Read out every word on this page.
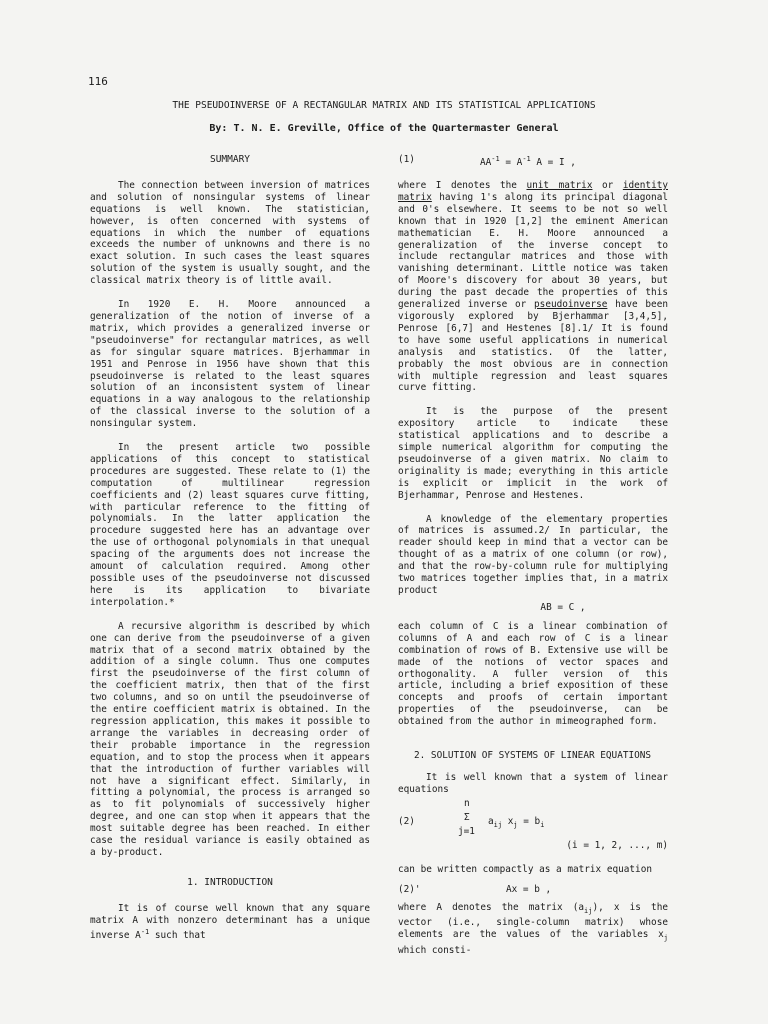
116
THE PSEUDOINVERSE OF A RECTANGULAR MATRIX AND ITS STATISTICAL APPLICATIONS
By: T. N. E. Greville, Office of the Quartermaster General
SUMMARY

The connection between inversion of matrices and solution of nonsingular systems of linear equations is well known. The statistician, however, is often concerned with systems of equations in which the number of equations exceeds the number of unknowns and there is no exact solution. In such cases the least squares solution of the system is usually sought, and the classical matrix theory is of little avail.

In 1920 E. H. Moore announced a generalization of the notion of inverse of a matrix, which provides a generalized inverse or "pseudoinverse" for rectangular matrices, as well as for singular square matrices. Bjerhammar in 1951 and Penrose in 1956 have shown that this pseudoinverse is related to the least squares solution of an inconsistent system of linear equations in a way analogous to the relationship of the classical inverse to the solution of a nonsingular system.

In the present article two possible applications of this concept to statistical procedures are suggested. These relate to (1) the computation of multilinear regression coefficients and (2) least squares curve fitting, with particular reference to the fitting of polynomials. In the latter application the procedure suggested here has an advantage over the use of orthogonal polynomials in that unequal spacing of the arguments does not increase the amount of calculation required. Among other possible uses of the pseudoinverse not discussed here is its application to bivariate interpolation.*

A recursive algorithm is described by which one can derive from the pseudoinverse of a given matrix that of a second matrix obtained by the addition of a single column. Thus one computes first the pseudoinverse of the first column of the coefficient matrix, then that of the first two columns, and so on until the pseudoinverse of the entire coefficient matrix is obtained. In the regression application, this makes it possible to arrange the variables in decreasing order of their probable importance in the regression equation, and to stop the process when it appears that the introduction of further variables will not have a significant effect. Similarly, in fitting a polynomial, the process is arranged so as to fit polynomials of successively higher degree, and one can stop when it appears that the most suitable degree has been reached. In either case the residual variance is easily obtained as a by-product.

1. INTRODUCTION

It is of course well known that any square matrix A with nonzero determinant has a unique inverse $A^{-1}$ such that

(1)	$AA^{-1} = A^{-1}$ A = I ,

where I denotes the unit matrix or identity matrix having 1's along its principal diagonal and 0's elsewhere. It seems to be not so well known that in 1920 [1,2] the eminent American mathematician E. H. Moore announced a generalization of the inverse concept to include rectangular matrices and those with vanishing determinant. Little notice was taken of Moore's discovery for about 30 years, but during the past decade the properties of this generalized inverse or pseudoinverse have been vigorously explored by Bjerhammar [3,4,5], Penrose [6,7] and Hestenes [8].1/ It is found to have some useful applications in numerical analysis and statistics. Of the latter, probably the most obvious are in connection with multiple regression and least squares curve fitting.

It is the purpose of the present expository article to indicate these statistical applications and to describe a simple numerical algorithm for computing the pseudoinverse of a given matrix. No claim to originality is made; everything in this article is explicit or implicit in the work of Bjerhammar, Penrose and Hestenes.

A knowledge of the elementary properties of matrices is assumed.2/ In particular, the reader should keep in mind that a vector can be thought of as a matrix of one column (or row), and that the row-by-column rule for multiplying two matrices together implies that, in a matrix product

AB = C ,

each column of C is a linear combination of columns of A and each row of C is a linear combination of rows of B. Extensive use will be made of the notions of vector spaces and orthogonality. A fuller version of this article, including a brief exposition of these concepts and proofs of certain important properties of the pseudoinverse, can be obtained from the author in mimeographed form.

2. SOLUTION OF SYSTEMS OF LINEAR EQUATIONS

It is well known that a system of linear equations

(2)
n
Σ
j=1
$a_{ij}$ $x_j = b_i$
(i = 1, 2, ..., m)

can be written compactly as a matrix equation

(2)'	Ax = b ,

where A denotes the matrix $(a_{ij})$, x is the vector (i.e., single-column matrix) whose elements are the values of the variables $x_j$ which consti-
